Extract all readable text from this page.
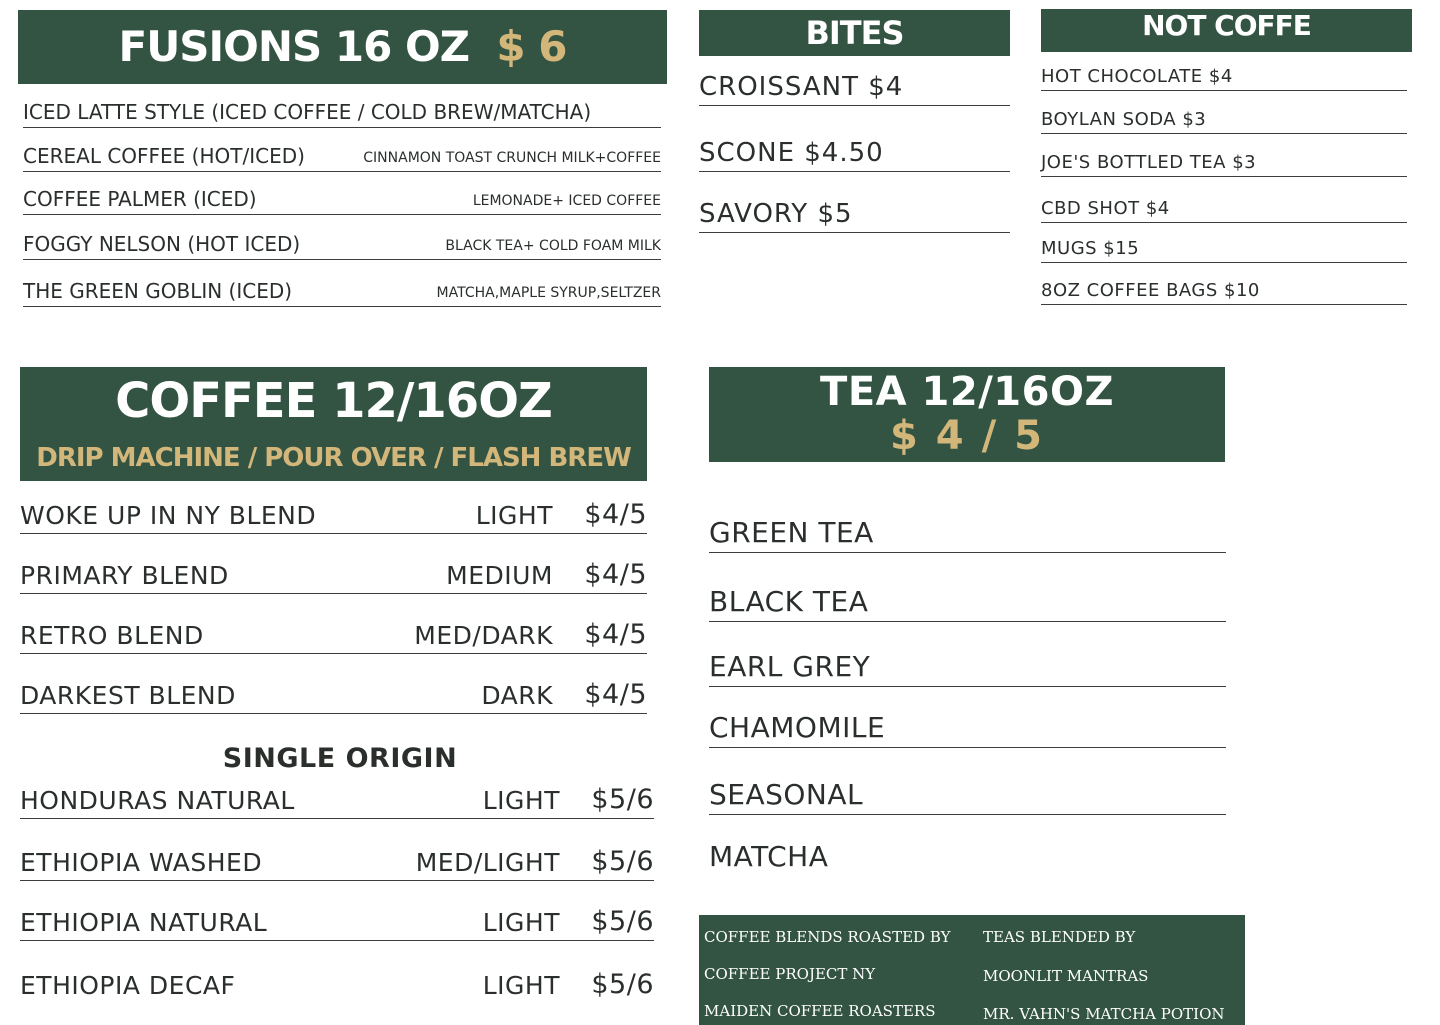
FUSIONS 16 OZ $ 6
ICED LATTE STYLE (ICED COFFEE / COLD BREW/MATCHA)
CEREAL COFFEE (HOT/ICED)	CINNAMON TOAST CRUNCH MILK+COFFEE
COFFEE PALMER (ICED)	LEMONADE+ ICED COFFEE
FOGGY NELSON (HOT ICED)	BLACK TEA+ COLD FOAM MILK
THE GREEN GOBLIN (ICED)	MATCHA,MAPLE SYRUP,SELTZER
BITES
CROISSANT $4
SCONE $4.50
SAVORY $5
NOT COFFE
HOT CHOCOLATE $4
BOYLAN SODA $3
JOE'S BOTTLED TEA $3
CBD SHOT $4
MUGS $15
8OZ COFFEE BAGS $10
COFFEE 12/16OZ
DRIP MACHINE / POUR OVER / FLASH BREW
WOKE UP IN NY BLEND	LIGHT $4/5
PRIMARY BLEND	MEDIUM $4/5
RETRO BLEND	MED/DARK $4/5
DARKEST BLEND	DARK $4/5
SINGLE ORIGIN
HONDURAS NATURAL	LIGHT $5/6
ETHIOPIA WASHED	MED/LIGHT $5/6
ETHIOPIA NATURAL	LIGHT $5/6
ETHIOPIA DECAF	LIGHT $5/6
TEA 12/16OZ
$ 4 / 5
GREEN TEA
BLACK TEA
EARL GREY
CHAMOMILE
SEASONAL
MATCHA
COFFEE BLENDS ROASTED BY
COFFEE PROJECT NY
MAIDEN COFFEE ROASTERS
TEAS BLENDED BY
MOONLIT MANTRAS
MR. VAHN'S MATCHA POTION
